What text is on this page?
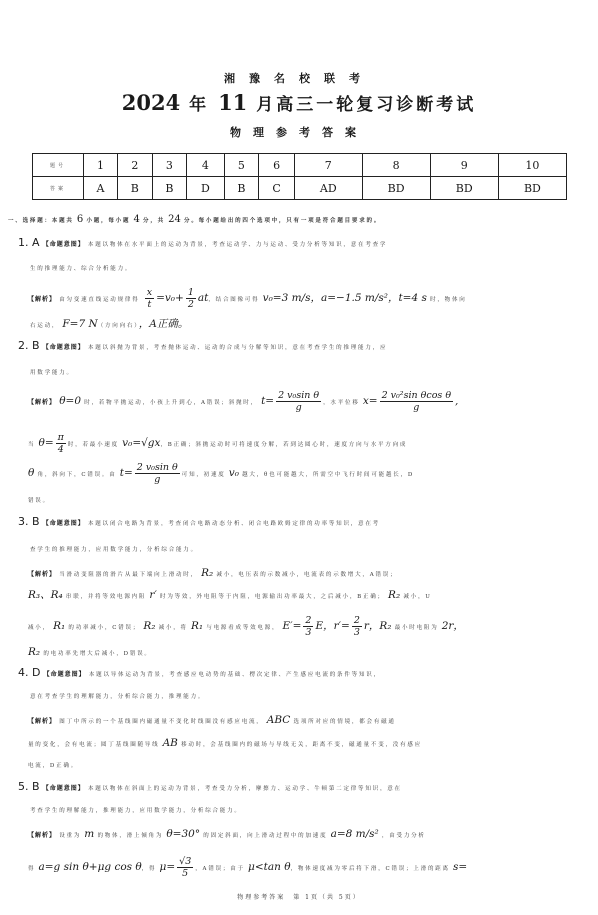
湘豫名校联考
2024 年 11 月高三一轮复习诊断考试
物理参考答案
题号	1	2	3	4	5	6	7	8	9	10
答案	A	B	B	D	B	C	AD	BD	BD	BD
一、选择题：本题共 6 小题，每小题 4 分，共 24 分。每小题给出的四个选项中，只有一项是符合题目要求的。
1. A 【命题意图】 本题以物体在水平面上的运动为背景，考查运动学、力与运动、受力分析等知识，意在考查学
生的推理能力、综合分析能力。
【解析】 由匀变速直线运动规律得 $\frac{x}{t} =v_0+ \frac{1}{2}$ at，结合图像可得 v₀=3 m/s，a=−1.5 m/s²，t=4 s 时，物体向
右运动， F=7 N（方向向右），A正确。
2. B 【命题意图】 本题以斜抛为背景，考查抛体运动、运动的合成与分解等知识，意在考查学生的推理能力，应
用数学能力。
【解析】 θ=0 时，若物平抛运动，小孩上升到心，A错误；斜抛时， $t= \frac{\text{2 v₀sin θ}}{g}$ ，水平位移 $x= \frac{\text{2 v₀²sin θcos θ}}{g}$ ,
当 $\theta= \frac{\pi}{4}$ 时，若最小速度 v₀=√gx，B正确；斜抛运动时可将速度分解，若到达圆心时，速度方向与水平方向成
θ 角，斜向下，C错误。由 $t= \frac{\text{2 v₀sin θ}}{g}$ 可知，初速度 v₀ 越大，θ也可能越大，所需空中飞行时间可能越长，D
错误。
3. B 【命题意图】 本题以闭合电路为背景，考查闭合电路动态分析、闭合电路欧姆定律的功率等知识，意在考
查学生的推理能力，应用数学能力，分析综合能力。
【解析】 当滑动变阻器的滑片从最下端向上滑动时， R₂ 减小，电压表的示数减小，电流表的示数增大，A错误；
R₃、R₄ 串联，并将等效电源内阻 r′ 时为等效，外电阻等于内阻，电源输出功率最大，之后减小，B正确； R₂ 减小，U
减小， R₁ 的功率减小，C错误； R₂ 减小，将 R₁ 与电源看成等效电源， $E'= \frac{2}{3}$ E，$r'= \frac{2}{3}$ r，R₂ 最小时电阻为 2r，
R₂ 的电功率先增大后减小，D错误。
4. D 【命题意图】 本题以导体运动为背景，考查感应电动势的基础、楞次定律、产生感应电流的条件等知识，
意在考查学生的理解能力，分析综合能力，推理能力。
【解析】 图丁中所示的一个基线圈内磁通量不变化时线圈没有感应电流， ABC 选项所对应的情境，都会有磁通
量的变化，会有电流；圆丁基线圈随导线 AB 移动时，会基线圈内的磁场与导线无关，距离不变，磁通量不变，没有感应
电流，D正确。
5. B 【命题意图】 本题以物体在斜面上的运动为背景，考查受力分析，摩擦力、运动学、牛顿第二定律等知识，意在
考查学生的理解能力，推理能力，应用数学能力，分析综合能力。
【解析】 设重为 m 的物体，滑上倾角为 θ=30° 的固定斜面，向上滑动过程中的加速度 a=8 m/s² ，由受力分析
得 a=g sin θ+μg cos θ，得 $\mu= \frac{√3}{5}$ ，A错误；由于 μ<tan θ，物体速度减为零后将下滑，C错误；上滑的距离 s=
物理参考答案　第 1页（共 5页）
